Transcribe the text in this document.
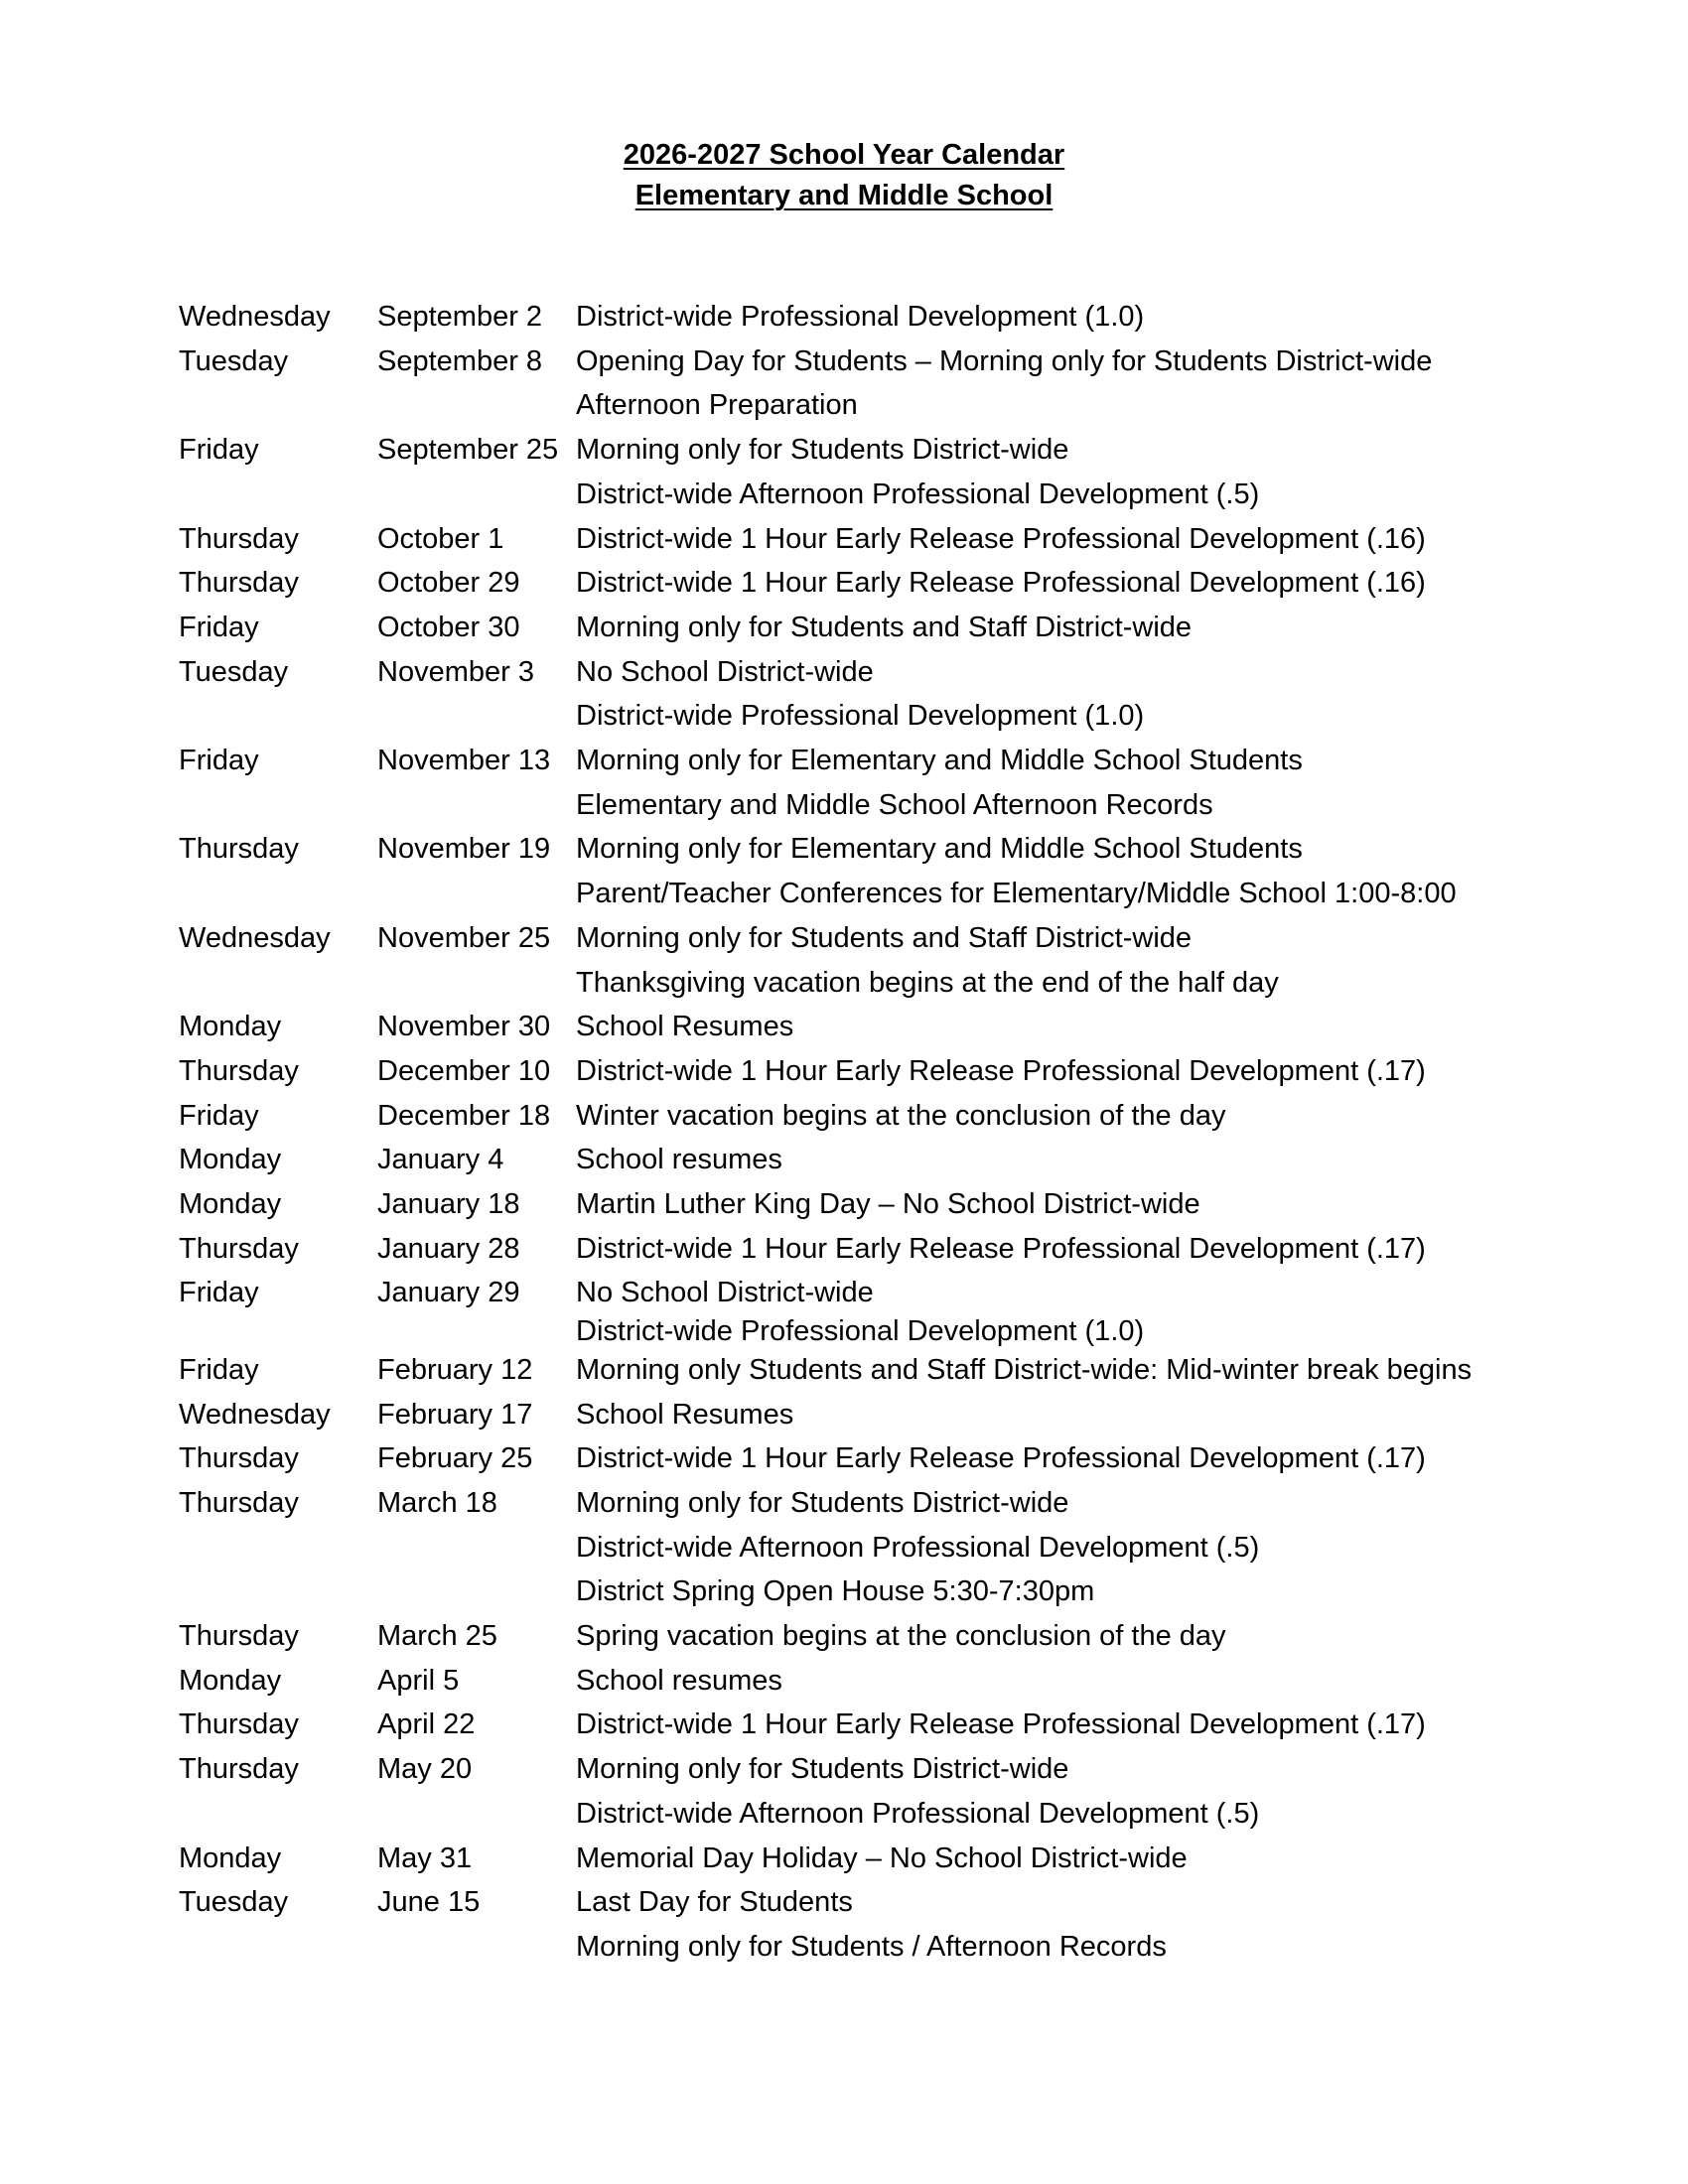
2026-2027 School Year Calendar
Elementary and Middle School
Wednesday September 2 District-wide Professional Development (1.0)
Tuesday	September 8 Opening Day for Students – Morning only for Students District-wide
Afternoon Preparation
Friday	September 25 Morning only for Students District-wide
District-wide Afternoon Professional Development (.5)
Thursday	October 1	District-wide 1 Hour Early Release Professional Development (.16)
Thursday	October 29 District-wide 1 Hour Early Release Professional Development (.16)
Friday	October 30 Morning only for Students and Staff District-wide
Tuesday	November 3 No School District-wide
District-wide Professional Development (1.0)
Friday	November 13 Morning only for Elementary and Middle School Students
Elementary and Middle School Afternoon Records
Thursday	November 19 Morning only for Elementary and Middle School Students
Parent/Teacher Conferences for Elementary/Middle School 1:00-8:00
Wednesday November 25 Morning only for Students and Staff District-wide
Thanksgiving vacation begins at the end of the half day
Monday	November 30 School Resumes
Thursday	December 10 District-wide 1 Hour Early Release Professional Development (.17)
Friday	December 18 Winter vacation begins at the conclusion of the day
Monday	January 4	School resumes
Monday	January 18 Martin Luther King Day – No School District-wide
Thursday	January 28 District-wide 1 Hour Early Release Professional Development (.17)
Friday	January 29 No School District-wide
District-wide Professional Development (1.0)
Friday	February 12 Morning only Students and Staff District-wide: Mid-winter break begins
Wednesday February 17 School Resumes
Thursday	February 25 District-wide 1 Hour Early Release Professional Development (.17)
Thursday	March 18	Morning only for Students District-wide
District-wide Afternoon Professional Development (.5)
District Spring Open House 5:30-7:30pm
Thursday	March 25	Spring vacation begins at the conclusion of the day
Monday	April 5	School resumes
Thursday	April 22	District-wide 1 Hour Early Release Professional Development (.17)
Thursday	May 20	Morning only for Students District-wide
District-wide Afternoon Professional Development (.5)
Monday	May 31	Memorial Day Holiday – No School District-wide
Tuesday	June 15	Last Day for Students
Morning only for Students / Afternoon Records
